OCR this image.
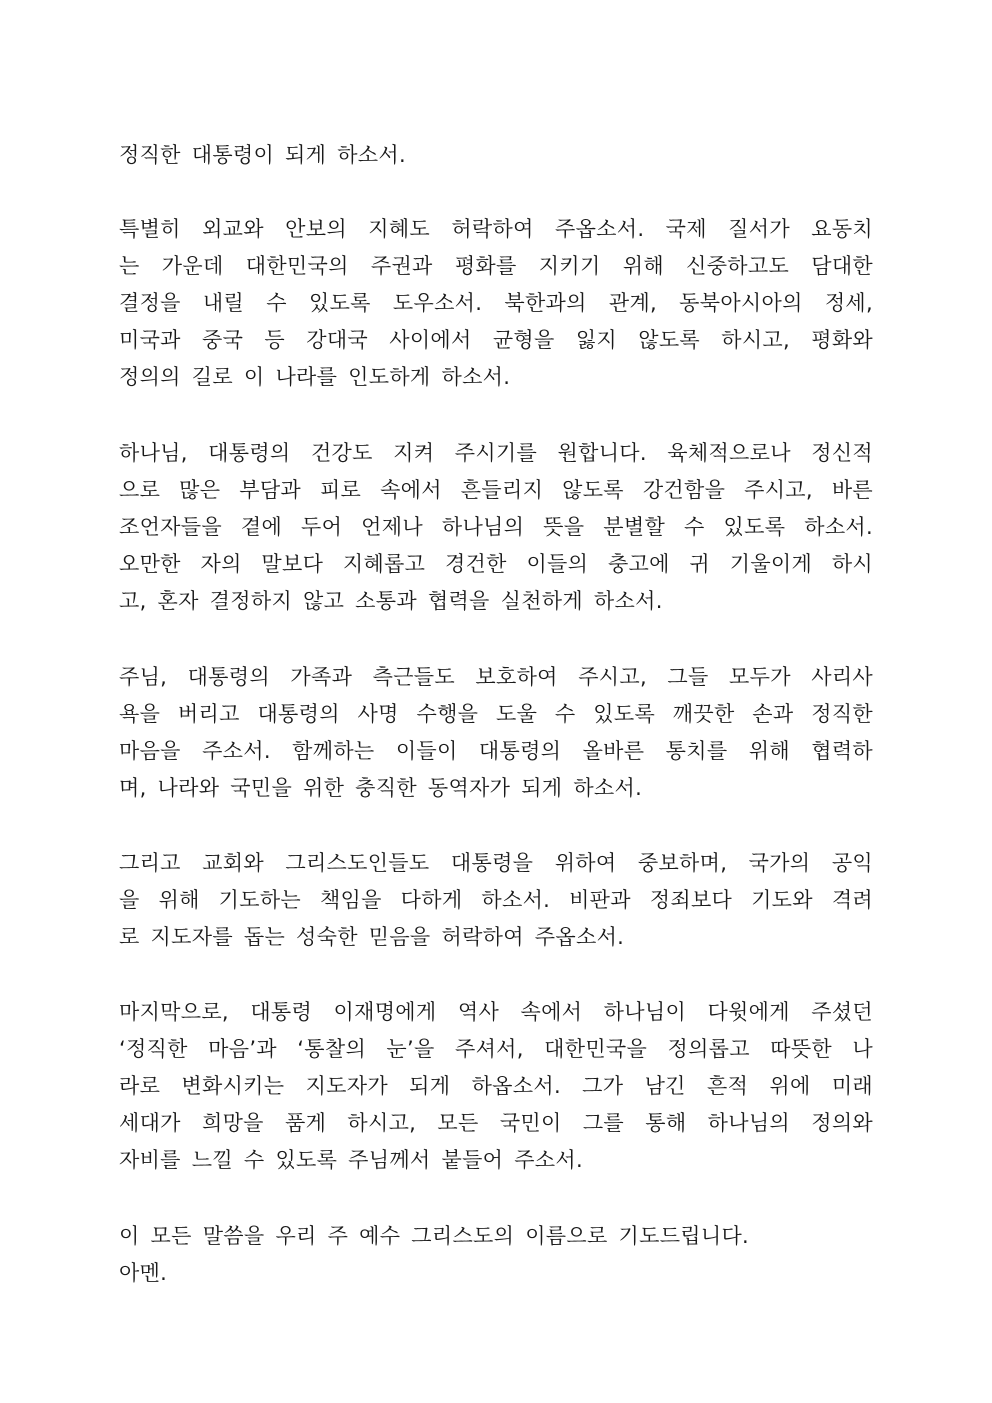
정직한 대통령이 되게 하소서.
특별히 외교와 안보의 지혜도 허락하여 주옵소서. 국제 질서가 요동치
는 가운데 대한민국의 주권과 평화를 지키기 위해 신중하고도 담대한
결정을 내릴 수 있도록 도우소서. 북한과의 관계, 동북아시아의 정세,
미국과 중국 등 강대국 사이에서 균형을 잃지 않도록 하시고, 평화와
정의의 길로 이 나라를 인도하게 하소서.
하나님, 대통령의 건강도 지켜 주시기를 원합니다. 육체적으로나 정신적
으로 많은 부담과 피로 속에서 흔들리지 않도록 강건함을 주시고, 바른
조언자들을 곁에 두어 언제나 하나님의 뜻을 분별할 수 있도록 하소서.
오만한 자의 말보다 지혜롭고 경건한 이들의 충고에 귀 기울이게 하시
고, 혼자 결정하지 않고 소통과 협력을 실천하게 하소서.
주님, 대통령의 가족과 측근들도 보호하여 주시고, 그들 모두가 사리사
욕을 버리고 대통령의 사명 수행을 도울 수 있도록 깨끗한 손과 정직한
마음을 주소서. 함께하는 이들이 대통령의 올바른 통치를 위해 협력하
며, 나라와 국민을 위한 충직한 동역자가 되게 하소서.
그리고 교회와 그리스도인들도 대통령을 위하여 중보하며, 국가의 공익
을 위해 기도하는 책임을 다하게 하소서. 비판과 정죄보다 기도와 격려
로 지도자를 돕는 성숙한 믿음을 허락하여 주옵소서.
마지막으로, 대통령 이재명에게 역사 속에서 하나님이 다윗에게 주셨던
‘정직한 마음’과 ‘통찰의 눈’을 주셔서, 대한민국을 정의롭고 따뜻한 나
라로 변화시키는 지도자가 되게 하옵소서. 그가 남긴 흔적 위에 미래
세대가 희망을 품게 하시고, 모든 국민이 그를 통해 하나님의 정의와
자비를 느낄 수 있도록 주님께서 붙들어 주소서.
이 모든 말씀을 우리 주 예수 그리스도의 이름으로 기도드립니다.
아멘.
